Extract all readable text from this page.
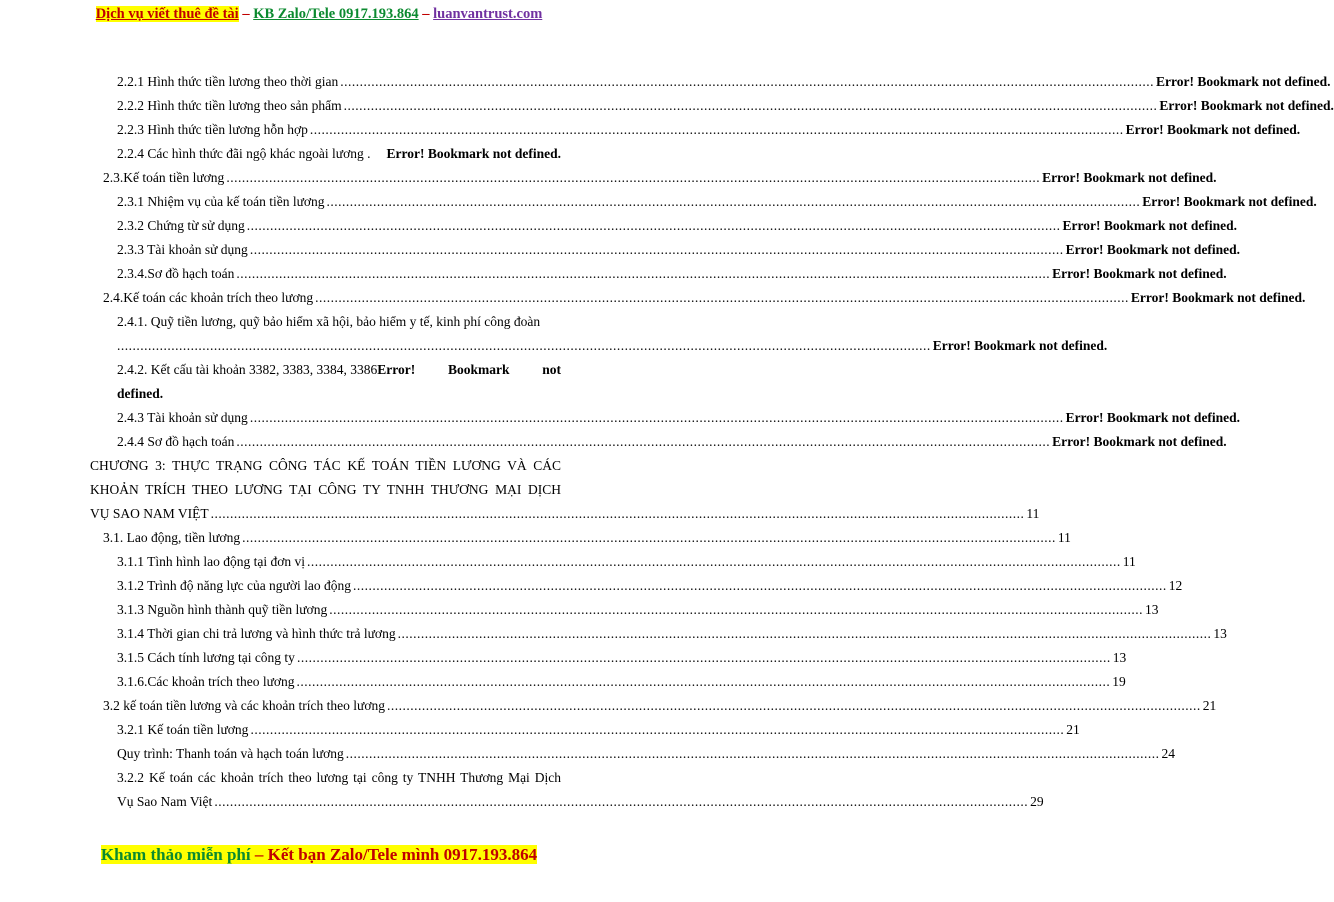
Dịch vụ viết thuê đề tài – KB Zalo/Tele 0917.193.864 – luanvantrust.com
2.2.1 Hình thức tiền lương theo thời gian .................................................................................................................................................................................................................. Error! Bookmark not defined.
2.2.2 Hình thức tiền lương theo sản phẩm .................................................................................................................................................................................................................. Error! Bookmark not defined.
2.2.3 Hình thức tiền lương hỗn hợp .................................................................................................................................................................................................................. Error! Bookmark not defined.
2.2.4 Các hình thức đãi ngộ khác ngoài lương . Error! Bookmark not defined.
2.3.Kế toán tiền lương .................................................................................................................................................................................................................. Error! Bookmark not defined.
2.3.1 Nhiệm vụ của kế toán tiền lương .................................................................................................................................................................................................................. Error! Bookmark not defined.
2.3.2 Chứng từ sử dụng .................................................................................................................................................................................................................. Error! Bookmark not defined.
2.3.3 Tài khoản sử dụng .................................................................................................................................................................................................................. Error! Bookmark not defined.
2.3.4.Sơ đồ hạch toán .................................................................................................................................................................................................................. Error! Bookmark not defined.
2.4.Kế toán các khoản trích theo lương .................................................................................................................................................................................................................. Error! Bookmark not defined.
2.4.1. Quỹ tiền lương, quỹ bảo hiểm xã hội, bảo hiểm y tế, kinh phí công đoàn
.................................................................................................................................................................................................................. Error! Bookmark not defined.
2.4.2. Kết cấu tài khoản 3382, 3383, 3384, 3386 Error! Bookmark not
defined.
2.4.3 Tài khoản sử dụng .................................................................................................................................................................................................................. Error! Bookmark not defined.
2.4.4 Sơ đồ hạch toán .................................................................................................................................................................................................................. Error! Bookmark not defined.
CHƯƠNG 3: THỰC TRẠNG CÔNG TÁC KẾ TOÁN TIỀN LƯƠNG VÀ CÁC
KHOẢN TRÍCH THEO LƯƠNG TẠI CÔNG TY TNHH THƯƠNG MẠI DỊCH
VỤ SAO NAM VIỆT .................................................................................................................................................................................................................. 11
3.1. Lao động, tiền lương .................................................................................................................................................................................................................. 11
3.1.1 Tình hình lao động tại đơn vị .................................................................................................................................................................................................................. 11
3.1.2 Trình độ năng lực của người lao động .................................................................................................................................................................................................................. 12
3.1.3 Nguồn hình thành quỹ tiền lương .................................................................................................................................................................................................................. 13
3.1.4 Thời gian chi trả lương và hình thức trả lương .................................................................................................................................................................................................................. 13
3.1.5 Cách tính lương tại công ty .................................................................................................................................................................................................................. 13
3.1.6.Các khoản trích theo lương .................................................................................................................................................................................................................. 19
3.2 kế toán tiền lương và các khoản trích theo lương .................................................................................................................................................................................................................. 21
3.2.1 Kế toán tiền lương .................................................................................................................................................................................................................. 21
Quy trình: Thanh toán và hạch toán lương .................................................................................................................................................................................................................. 24
3.2.2 Kế toán các khoản trích theo lương tại công ty TNHH Thương Mại Dịch
Vụ Sao Nam Việt .................................................................................................................................................................................................................. 29
Kham thảo miễn phí – Kết bạn Zalo/Tele mình 0917.193.864
